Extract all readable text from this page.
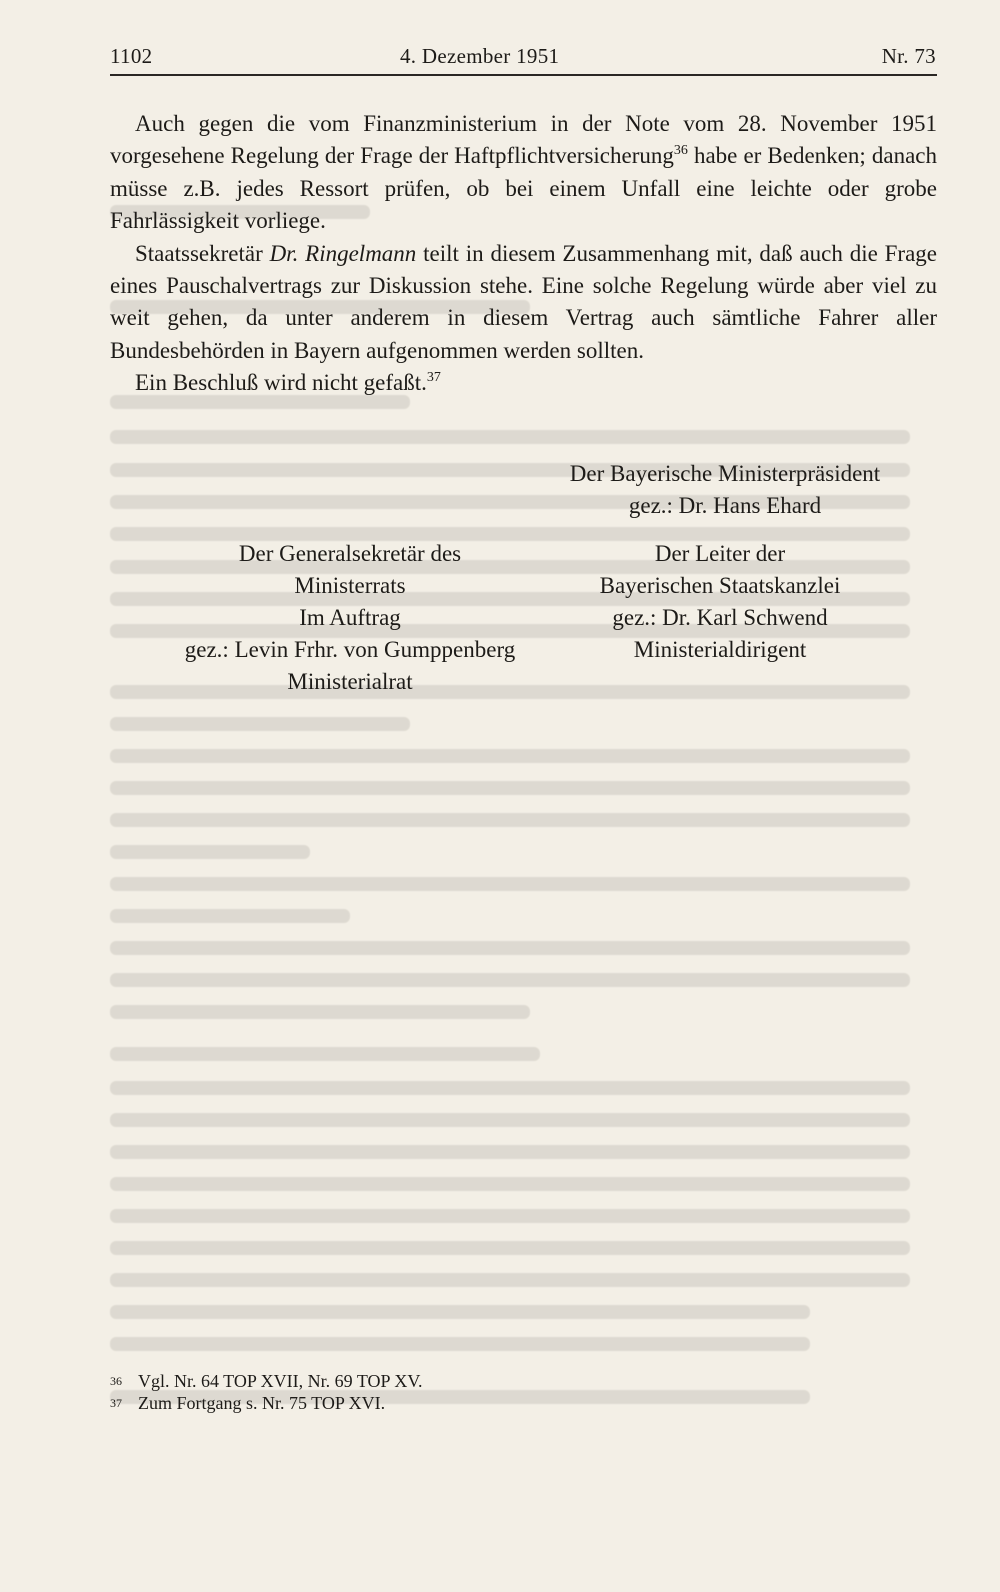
1102	4. Dezember 1951	Nr. 73

Auch gegen die vom Finanzministerium in der Note vom 28. November 1951 vorgesehene Regelung der Frage der Haftpflichtversicherung$^{36}$ habe er Bedenken; danach müsse z.B. jedes Ressort prüfen, ob bei einem Unfall eine leichte oder grobe Fahrlässigkeit vorliege.

Staatssekretär Dr. Ringelmann teilt in diesem Zusammenhang mit, daß auch die Frage eines Pauschalvertrags zur Diskussion stehe. Eine solche Regelung würde aber viel zu weit gehen, da unter anderem in diesem Vertrag auch sämtliche Fahrer aller Bundesbehörden in Bayern aufgenommen werden sollten.

Ein Beschluß wird nicht gefaßt.$^{37}$

Der Bayerische Ministerpräsident
gez.: Dr. Hans Ehard
Der Generalsekretär des
Ministerrats
Im Auftrag
gez.: Levin Frhr. von Gumppenberg
Ministerialrat
Der Leiter der
Bayerischen Staatskanzlei
gez.: Dr. Karl Schwend
Ministerialdirigent
36 Vgl. Nr. 64 TOP XVII, Nr. 69 TOP XV.
37 Zum Fortgang s. Nr. 75 TOP XVI.
